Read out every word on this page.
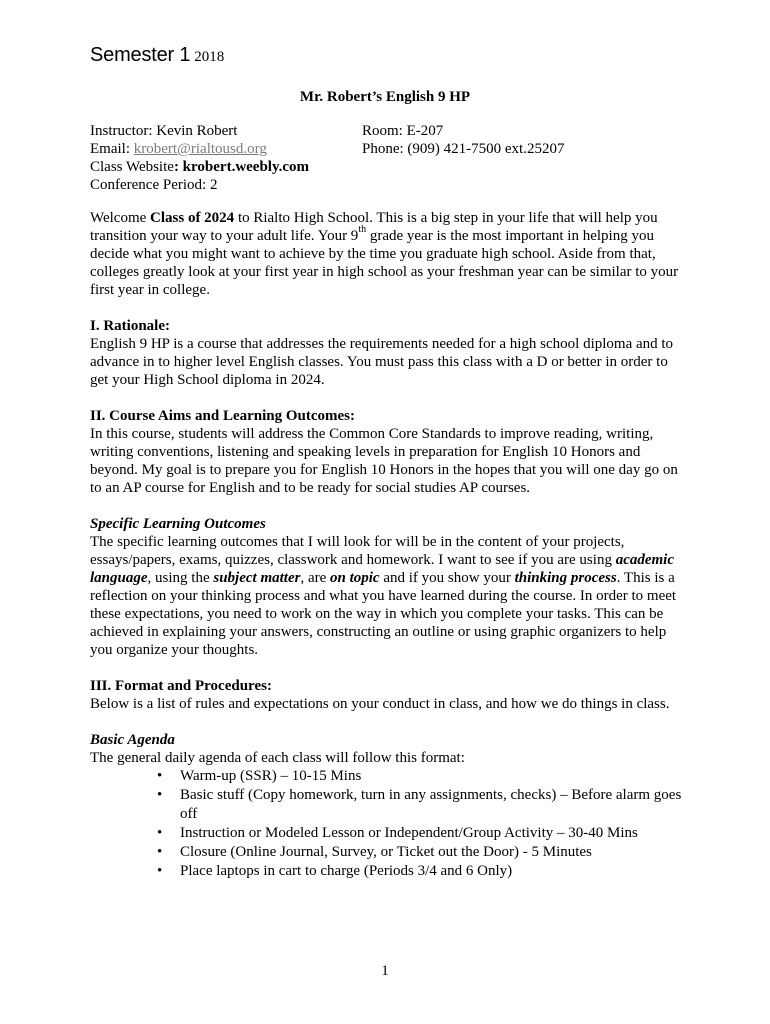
Semester 1 2018
Mr. Robert’s English 9 HP
Instructor: Kevin Robert	Room: E-207
Email: krobert@rialtousd.org	Phone: (909) 421-7500 ext.25207
Class Website: krobert.weebly.com
Conference Period: 2

Welcome Class of 2024 to Rialto High School. This is a big step in your life that will help you transition your way to your adult life. Your 9th grade year is the most important in helping you decide what you might want to achieve by the time you graduate high school. Aside from that, colleges greatly look at your first year in high school as your freshman year can be similar to your first year in college.

I. Rationale:

English 9 HP is a course that addresses the requirements needed for a high school diploma and to advance in to higher level English classes. You must pass this class with a D or better in order to get your High School diploma in 2024.

II. Course Aims and Learning Outcomes:

In this course, students will address the Common Core Standards to improve reading, writing, writing conventions, listening and speaking levels in preparation for English 10 Honors and beyond. My goal is to prepare you for English 10 Honors in the hopes that you will one day go on to an AP course for English and to be ready for social studies AP courses.

Specific Learning Outcomes

The specific learning outcomes that I will look for will be in the content of your projects, essays/papers, exams, quizzes, classwork and homework. I want to see if you are using academic language, using the subject matter, are on topic and if you show your thinking process. This is a reflection on your thinking process and what you have learned during the course. In order to meet these expectations, you need to work on the way in which you complete your tasks. This can be achieved in explaining your answers, constructing an outline or using graphic organizers to help you organize your thoughts.

III. Format and Procedures:

Below is a list of rules and expectations on your conduct in class, and how we do things in class.

Basic Agenda

The general daily agenda of each class will follow this format:

• Warm-up (SSR) – 10-15 Mins
• Basic stuff (Copy homework, turn in any assignments, checks) – Before alarm goes off
• Instruction or Modeled Lesson or Independent/Group Activity – 30-40 Mins
• Closure (Online Journal, Survey, or Ticket out the Door) - 5 Minutes
• Place laptops in cart to charge (Periods 3/4 and 6 Only)
1
